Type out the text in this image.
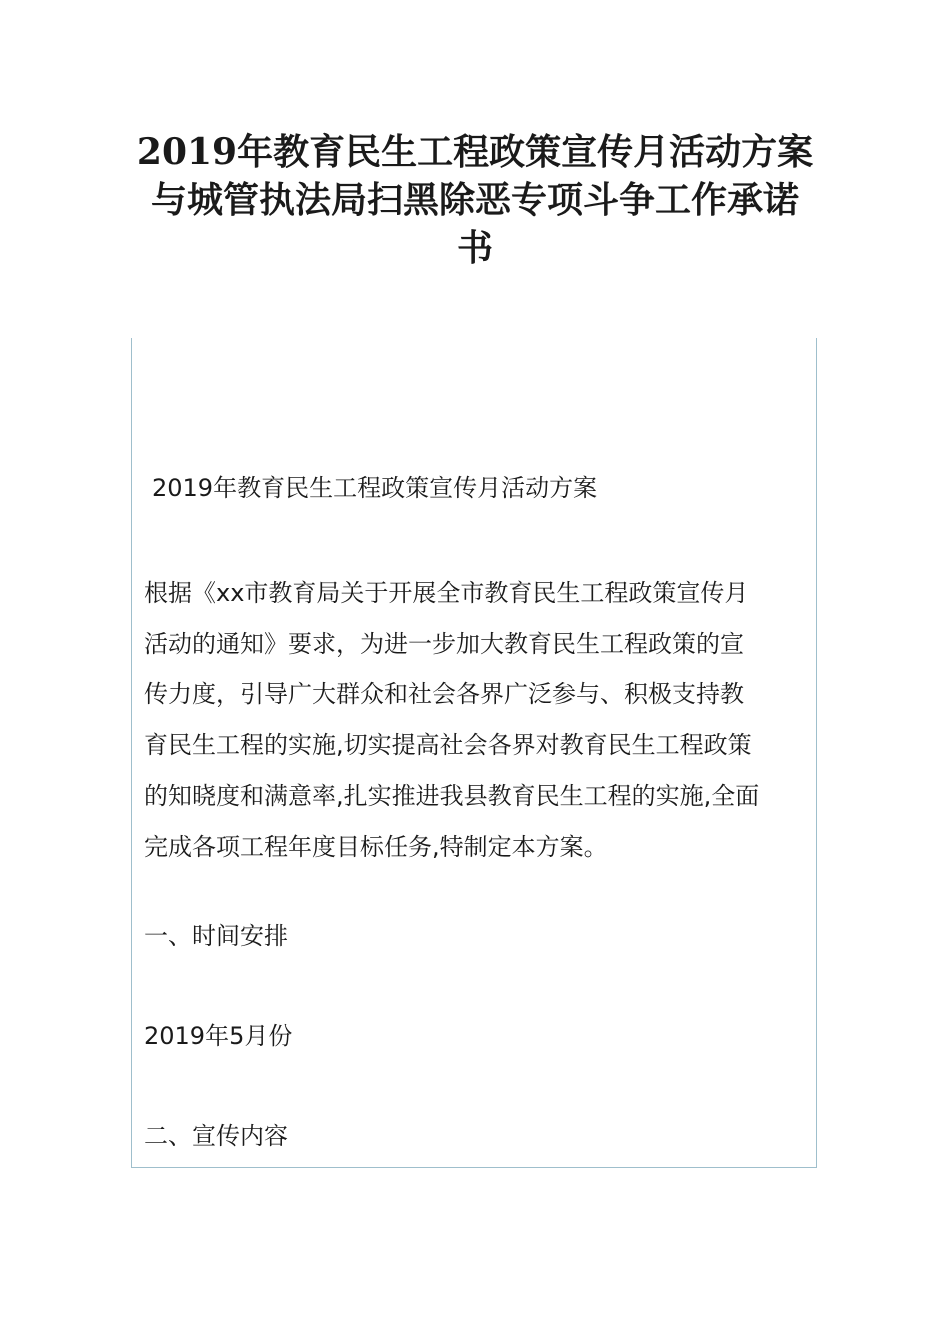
2019年教育民生工程政策宣传月活动方案
与城管执法局扫黑除恶专项斗争工作承诺
书

2019年教育民生工程政策宣传月活动方案

根据《xx市教育局关于开展全市教育民生工程政策宣传月
活动的通知》要求，为进一步加大教育民生工程政策的宣
传力度，引导广大群众和社会各界广泛参与、积极支持教
育民生工程的实施,切实提高社会各界对教育民生工程政策
的知晓度和满意率,扎实推进我县教育民生工程的实施,全面
完成各项工程年度目标任务,特制定本方案。

一、时间安排

2019年5月份

二、宣传内容
